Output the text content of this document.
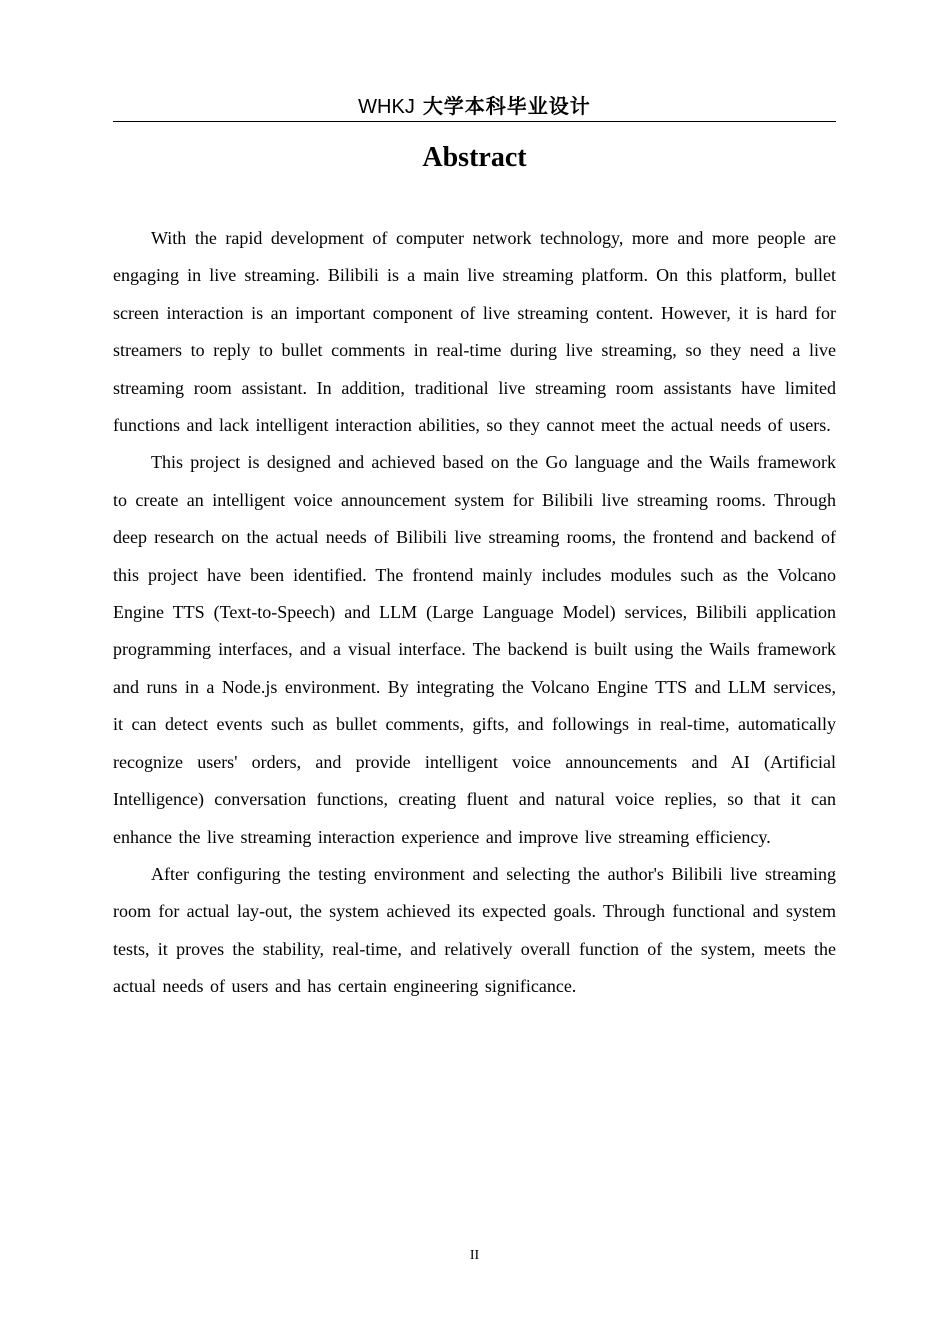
WHKJ 大学本科毕业设计
Abstract

With the rapid development of computer network technology, more and more people are engaging in live streaming. Bilibili is a main live streaming platform. On this platform, bullet screen interaction is an important component of live streaming content. However, it is hard for streamers to reply to bullet comments in real-time during live streaming, so they need a live streaming room assistant. In addition, traditional live streaming room assistants have limited functions and lack intelligent interaction abilities, so they cannot meet the actual needs of users.

This project is designed and achieved based on the Go language and the Wails framework to create an intelligent voice announcement system for Bilibili live streaming rooms. Through deep research on the actual needs of Bilibili live streaming rooms, the frontend and backend of this project have been identified. The frontend mainly includes modules such as the Volcano Engine TTS (Text-to-Speech) and LLM (Large Language Model) services, Bilibili application programming interfaces, and a visual interface. The backend is built using the Wails framework and runs in a Node.js environment. By integrating the Volcano Engine TTS and LLM services, it can detect events such as bullet comments, gifts, and followings in real-time, automatically recognize users' orders, and provide intelligent voice announcements and AI (Artificial Intelligence) conversation functions, creating fluent and natural voice replies, so that it can enhance the live streaming interaction experience and improve live streaming efficiency.

After configuring the testing environment and selecting the author's Bilibili live streaming room for actual lay-out, the system achieved its expected goals. Through functional and system tests, it proves the stability, real-time, and relatively overall function of the system, meets the actual needs of users and has certain engineering significance.

II
